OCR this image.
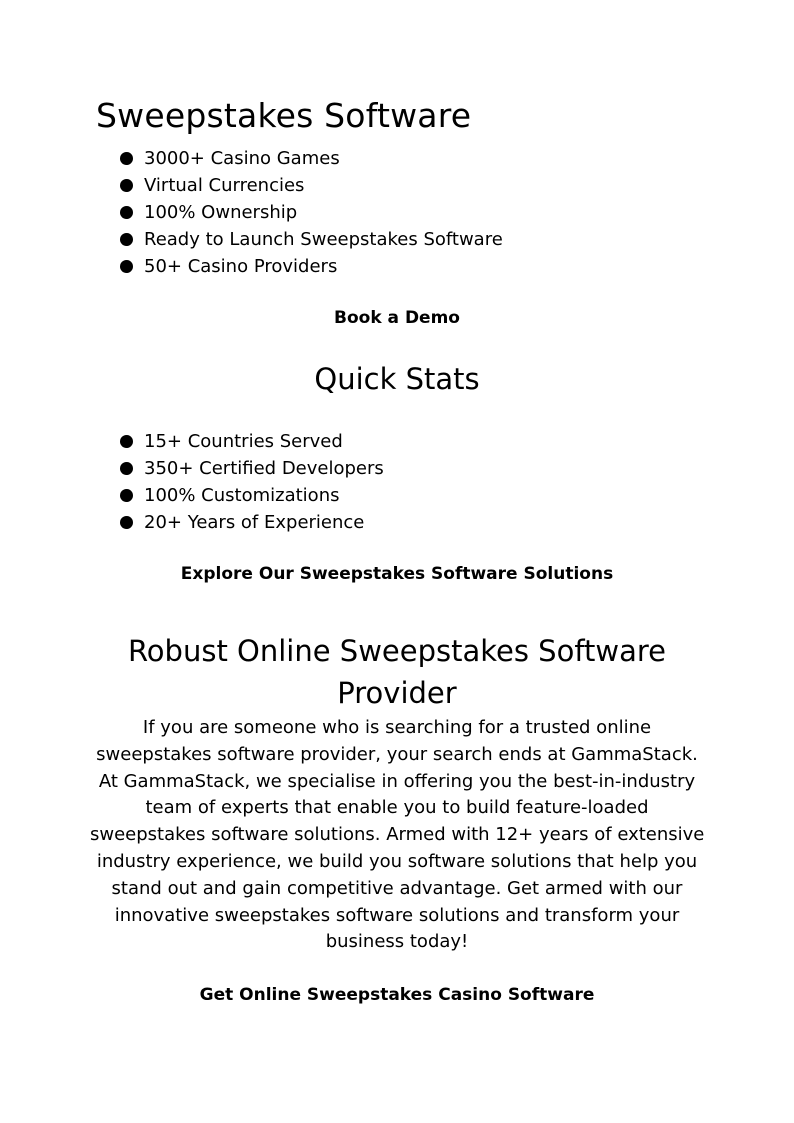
Sweepstakes Software
3000+ Casino Games
Virtual Currencies
100% Ownership
Ready to Launch Sweepstakes Software
50+ Casino Providers
Book a Demo
Quick Stats
15+ Countries Served
350+ Certified Developers
100% Customizations
20+ Years of Experience
Explore Our Sweepstakes Software Solutions
Robust Online Sweepstakes Software
Provider

If you are someone who is searching for a trusted online
sweepstakes software provider, your search ends at GammaStack.
At GammaStack, we specialise in offering you the best-in-industry
team of experts that enable you to build feature-loaded
sweepstakes software solutions. Armed with 12+ years of extensive
industry experience, we build you software solutions that help you
stand out and gain competitive advantage. Get armed with our
innovative sweepstakes software solutions and transform your
business today!

Get Online Sweepstakes Casino Software
